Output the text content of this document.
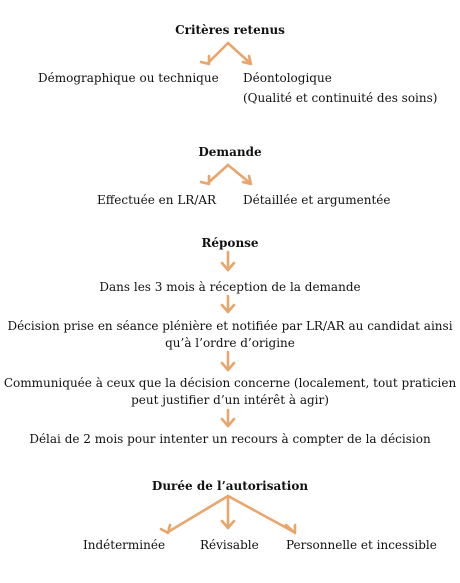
Critères retenus
Démographique ou technique Déontologique
(Qualité et continuité des soins)
Demande
Effectuée en LR/AR Détaillée et argumentée
Réponse
Dans les 3 mois à réception de la demande
Décision prise en séance plénière et notifiée par LR/AR au candidat ainsi
qu’à l’ordre d’origine
Communiquée à ceux que la décision concerne (localement, tout praticien
peut justifier d’un intérêt à agir)
Délai de 2 mois pour intenter un recours à compter de la décision
Durée de l’autorisation
Indéterminée	Révisable Personnelle et incessible
